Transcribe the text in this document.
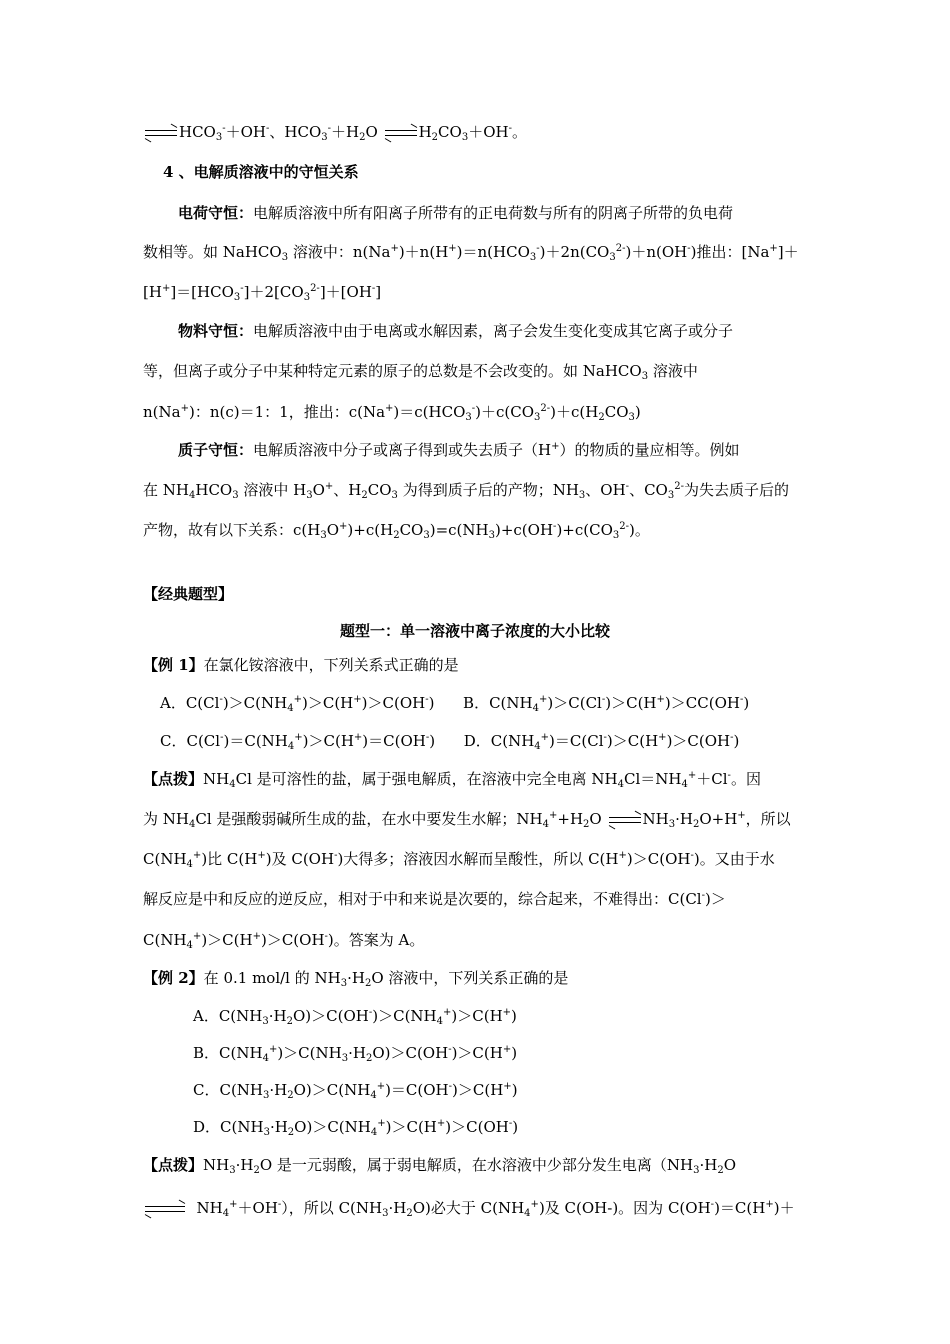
$HCO_3^-+OH^-$、$HCO_3^-+H_2O$
$H_2CO_3+OH^-$。
4 、电解质溶液中的守恒关系
电荷守恒：电解质溶液中所有阳离子所带有的正电荷数与所有的阴离子所带的负电荷
数相等。如 NaHCO$_3$ 溶液中：$n(Na^+)+n(H^+)=n(HCO_3^-)+2n(CO_3^{2-})+n(OH^-)$推出：[Na+]＋
$[H^+]=[HCO_3^-]+2[CO_3^{2-}]+[OH^-]$
物料守恒：电解质溶液中由于电离或水解因素，离子会发生变化变成其它离子或分子
等，但离子或分子中某种特定元素的原子的总数是不会改变的。如 NaHCO$_3$ 溶液中
n(Na+)：n(c)＝1：1，推出：$c(Na^+)=c(HCO_3^-)+c(CO_3^{2-})+c(H_2CO_3)$
质子守恒：电解质溶液中分子或离子得到或失去质子（H+）的物质的量应相等。例如
在 $NH_4HCO_3$ 溶液中 $H_3O^+$、$H_2CO_3$ 为得到质子后的产物；$NH_3$、OH-、$CO_3^{2-}$为失去质子后的
产物，故有以下关系：$c(H_3O^+)+c(H_2CO_3)=c(NH_3)+c(OH^-)+c(CO_3^{2-})$。
【经典题型】
题型一：单一溶液中离子浓度的大小比较
【例 1】在氯化铵溶液中，下列关系式正确的是
A．$C(Cl^-)>C(NH_4^+)>C(H^+)>C(OH^-)$      B．$C(NH_4^+)>C(Cl^-)>C(H^+)>CC(OH^-)$
C．$C(Cl^-)=C(NH_4^+)>C(H^+)=C(OH^-)$      D．$C(NH_4^+)=C(Cl^-)>C(H^+)>C(OH^-)$
【点拨】$NH_4Cl$ 是可溶性的盐，属于强电解质，在溶液中完全电离 $NH_4Cl=NH_4^++Cl^-$。因
为 $NH_4Cl$ 是强酸弱碱所生成的盐，在水中要发生水解；$NH_4^++H_2O$
$NH_3\cdot H_2O+H^+$，所以
$C(NH_4^+)$比 C(H+)及 C(OH-)大得多；溶液因水解而呈酸性，所以 C(H+)＞C(OH-)。又由于水
解反应是中和反应的逆反应，相对于中和来说是次要的，综合起来，不难得出：C(Cl-)＞
$C(NH_4^+)>C(H^+)>C(OH^-)$。答案为 A。
【例 2】在 0.1 mol/l 的 $NH_3\cdot H_2O$ 溶液中，下列关系正确的是
A．$C(NH_3\cdot H_2O)>C(OH^-)>C(NH_4^+)>C(H^+)$
B．$C(NH_4^+)>C(NH_3\cdot H_2O)>C(OH^-)>C(H^+)$
C．$C(NH_3\cdot H_2O)>C(NH_4^+)=C(OH^-)>C(H^+)$
D．$C(NH_3\cdot H_2O)>C(NH_4^+)>C(H^+)>C(OH^-)$
【点拨】$NH_3\cdot H_2O$ 是一元弱酸，属于弱电解质，在水溶液中少部分发生电离（$NH_3\cdot H_2O$
$NH_4^++OH^-$），所以 $C(NH_3\cdot H_2O)$必大于 $C(NH_4^+)$及 C(OH-)。因为 C(OH-)＝C(H+)＋
